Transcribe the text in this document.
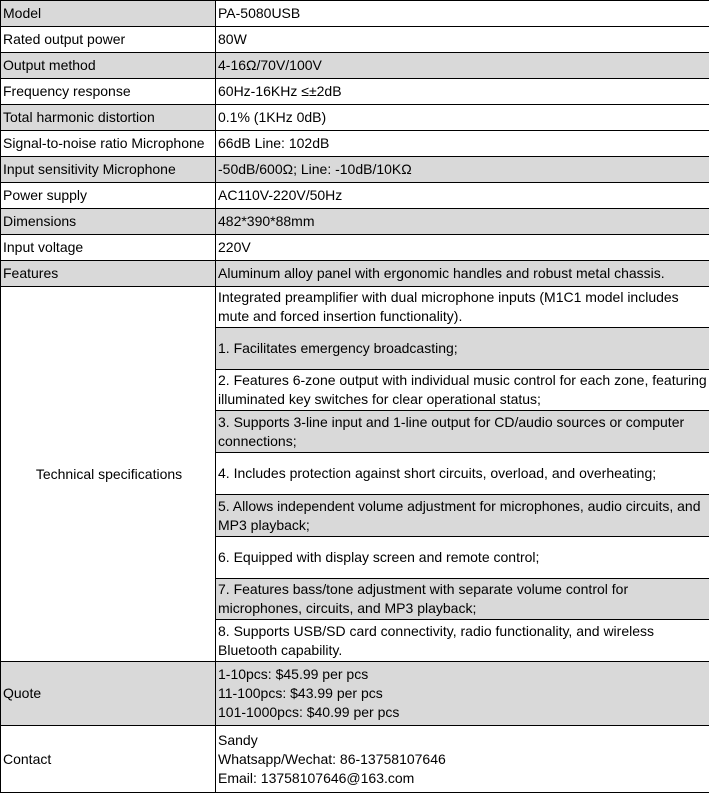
Model	PA-5080USB
Rated output power	80W
Output method	4-16Ω/70V/100V
Frequency response	60Hz-16KHz ≤±2dB
Total harmonic distortion	0.1% (1KHz 0dB)
Signal-to-noise ratio Microphone	66dB Line: 102dB
Input sensitivity Microphone	-50dB/600Ω; Line: -10dB/10KΩ
Power supply	AC110V-220V/50Hz
Dimensions	482*390*88mm
Input voltage	220V
Features	Aluminum alloy panel with ergonomic handles and robust metal chassis.
Technical specifications	Integrated preamplifier with dual microphone inputs (M1C1 model includes mute and forced insertion functionality).
	1. Facilitates emergency broadcasting;
	2. Features 6-zone output with individual music control for each zone, featuring illuminated key switches for clear operational status;
	3. Supports 3-line input and 1-line output for CD/audio sources or computer connections;
	4. Includes protection against short circuits, overload, and overheating;
	5. Allows independent volume adjustment for microphones, audio circuits, and MP3 playback;
	6. Equipped with display screen and remote control;
	7. Features bass/tone adjustment with separate volume control for microphones, circuits, and MP3 playback;
	8. Supports USB/SD card connectivity, radio functionality, and wireless Bluetooth capability.
Quote	1-10pcs: $45.99 per pcs
11-100pcs: $43.99 per pcs
101-1000pcs: $40.99 per pcs

Contact	Sandy
Whatsapp/Wechat: 86-13758107646
Email: 13758107646@163.com
